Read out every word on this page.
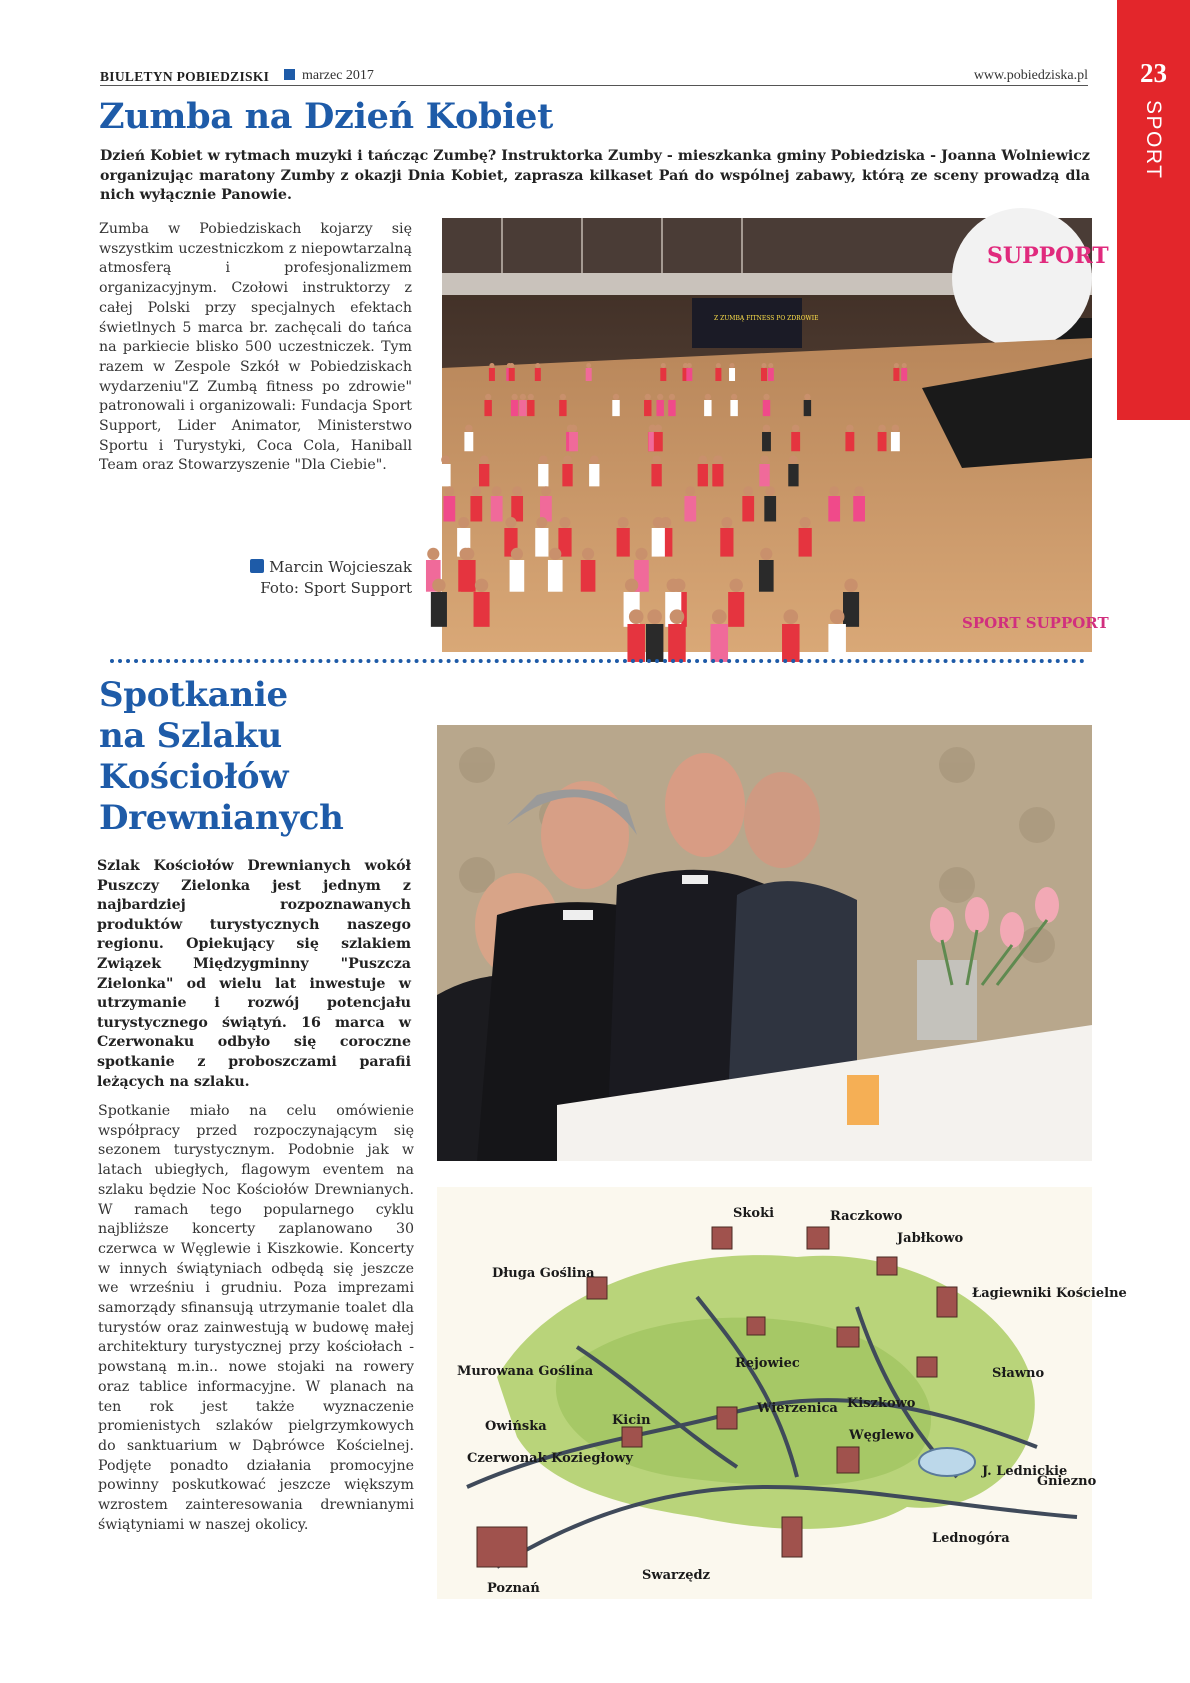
BIULETYN POBIEDZISKI marzec 2017	www.pobiedziska.pl	23
SPORT
Zumba na Dzień Kobiet
Dzień Kobiet w rytmach muzyki i tańcząc Zumbę? Instruktorka Zumby - mieszkanka gminy Pobiedziska - Joanna Wolniewicz organizując maratony Zumby z okazji Dnia Kobiet, zaprasza kilkaset Pań do wspólnej zabawy, którą ze sceny prowadzą dla nich wyłącznie Panowie.
Zumba w Pobiedziskach kojarzy się wszystkim uczestniczkom z niepowtarzalną atmosferą i profesjonalizmem organizacyjnym. Czołowi instruktorzy z całej Polski przy specjalnych efektach świetlnych 5 marca br. zachęcali do tańca na parkiecie blisko 500 uczestniczek. Tym razem w Zespole Szkół w Pobiedziskach wydarzeniu"Z Zumbą fitness po zdrowie" patronowali i organizowali: Fundacja Sport Support, Lider Animator, Ministerstwo Sportu i Turystyki, Coca Cola, Haniball Team oraz Stowarzyszenie "Dla Ciebie".
Marcin Wojcieszak
Foto: Sport Support
SUPPORT
Z ZUMBĄ FITNESS PO ZDROWIE
SPORT SUPPORT
Spotkanie
na Szlaku
Kościołów
Drewnianych
Szlak Kościołów Drewnianych wokół Puszczy Zielonka jest jednym z najbardziej rozpoznawanych produktów turystycznych naszego regionu. Opiekujący się szlakiem Związek Międzygminny "Puszcza Zielonka" od wielu lat inwestuje w utrzymanie i rozwój potencjału turystycznego świątyń. 16 marca w Czerwonaku odbyło się coroczne spotkanie z proboszczami parafii leżących na szlaku.
Spotkanie miało na celu omówienie współpracy przed rozpoczynającym się sezonem turystycznym. Podobnie jak w latach ubiegłych, flagowym eventem na szlaku będzie Noc Kościołów Drewnianych. W ramach tego popularnego cyklu najbliższe koncerty zaplanowano 30 czerwca w Węglewie i Kiszkowie. Koncerty w innych świątyniach odbędą się jeszcze we wrześniu i grudniu. Poza imprezami samorządy sfinansują utrzymanie toalet dla turystów oraz zainwestują w budowę małej architektury turystycznej przy kościołach - powstaną m.in.. nowe stojaki na rowery oraz tablice informacyjne. W planach na ten rok jest także wyznaczenie promienistych szlaków pielgrzymkowych do sanktuarium w Dąbrówce Kościelnej. Podjęte ponadto działania promocyjne powinny poskutkować jeszcze większym wzrostem zainteresowania drewnianymi świątyniami w naszej okolicy.
Skoki	Raczkowo
Jabłkowo
Długa Goślina
Łagiewniki Kościelne
Rejowiec
Sławno
Murowana Goślina
Wierzenica Kiszkowo
Kicin
Owińska
Węglewo
Czerwonak Koziegłowy
J. Lednickie
Gniezno
Lednogóra
Swarzędz
Poznań
